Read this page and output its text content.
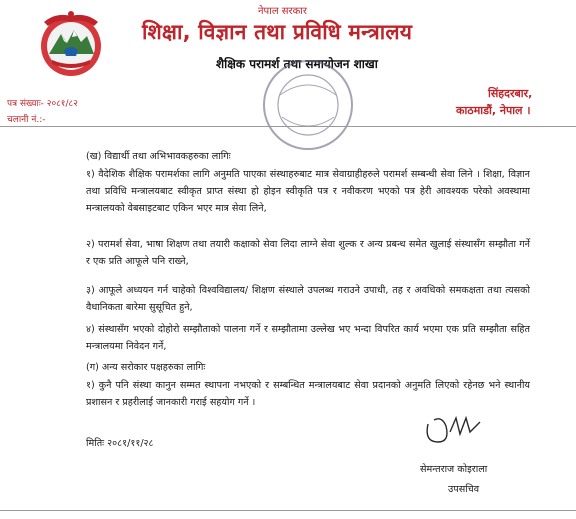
नेपाल सरकार
शिक्षा, विज्ञान तथा प्रविधि मन्त्रालय
शैक्षिक परामर्श तथा समायोजन शाखा
पत्र संख्याः- २०८१/८२
चलानी नं.:-
सिंहदरबार,
काठमाडौं, नेपाल ।
(ख) विद्यार्थी तथा अभिभावकहरुका लागिः
१) वैदेशिक शैक्षिक परामर्शका लागि अनुमति पाएका संस्थाहरुबाट मात्र सेवाग्राहीहरुले परामर्श सम्बन्धी सेवा लिने । शिक्षा, विज्ञान तथा प्रविधि मन्त्रालयबाट स्वीकृत प्राप्त संस्था हो होइन स्वीकृति पत्र र नवीकरण भएको पत्र हेरी आवश्यक परेको अवस्थामा मन्त्रालयको वेबसाइटबाट एकिन भएर मात्र सेवा लिने,
२) परामर्श सेवा, भाषा शिक्षण तथा तयारी कक्षाको सेवा लिदा लाग्ने सेवा शुल्क र अन्य प्रबन्ध समेत खुलाई संस्थासँग सम्झौता गर्ने र एक प्रति आफूले पनि राख्ने,
३) आफूले अध्ययन गर्न चाहेको विश्वविद्यालय/ शिक्षण संस्थाले उपलब्ध गराउने उपाधी, तह र अवधिको समकक्षता तथा त्यसको वैधानिकता बारेमा सुसूचित हुने,
४) संस्थासँग भएको दोहोरो सम्झौताको पालना गर्ने र सम्झौतामा उल्लेख भए भन्दा विपरित कार्य भएमा एक प्रति सम्झौता सहित मन्त्रालयमा निवेदन गर्ने,
(ग) अन्य सरोकार पक्षहरुका लागिः
१) कुनै पनि संस्था कानुन सम्मत स्थापना नभएको र सम्बन्धित मन्त्रालयबाट सेवा प्रदानको अनुमति लिएको रहेनछ भने स्थानीय प्रशासन र प्रहरीलाई जानकारी गराई सहयोग गर्ने ।
मितिः २०८१/११/२८
सेमन्तराज कोइराला
उपसचिव
